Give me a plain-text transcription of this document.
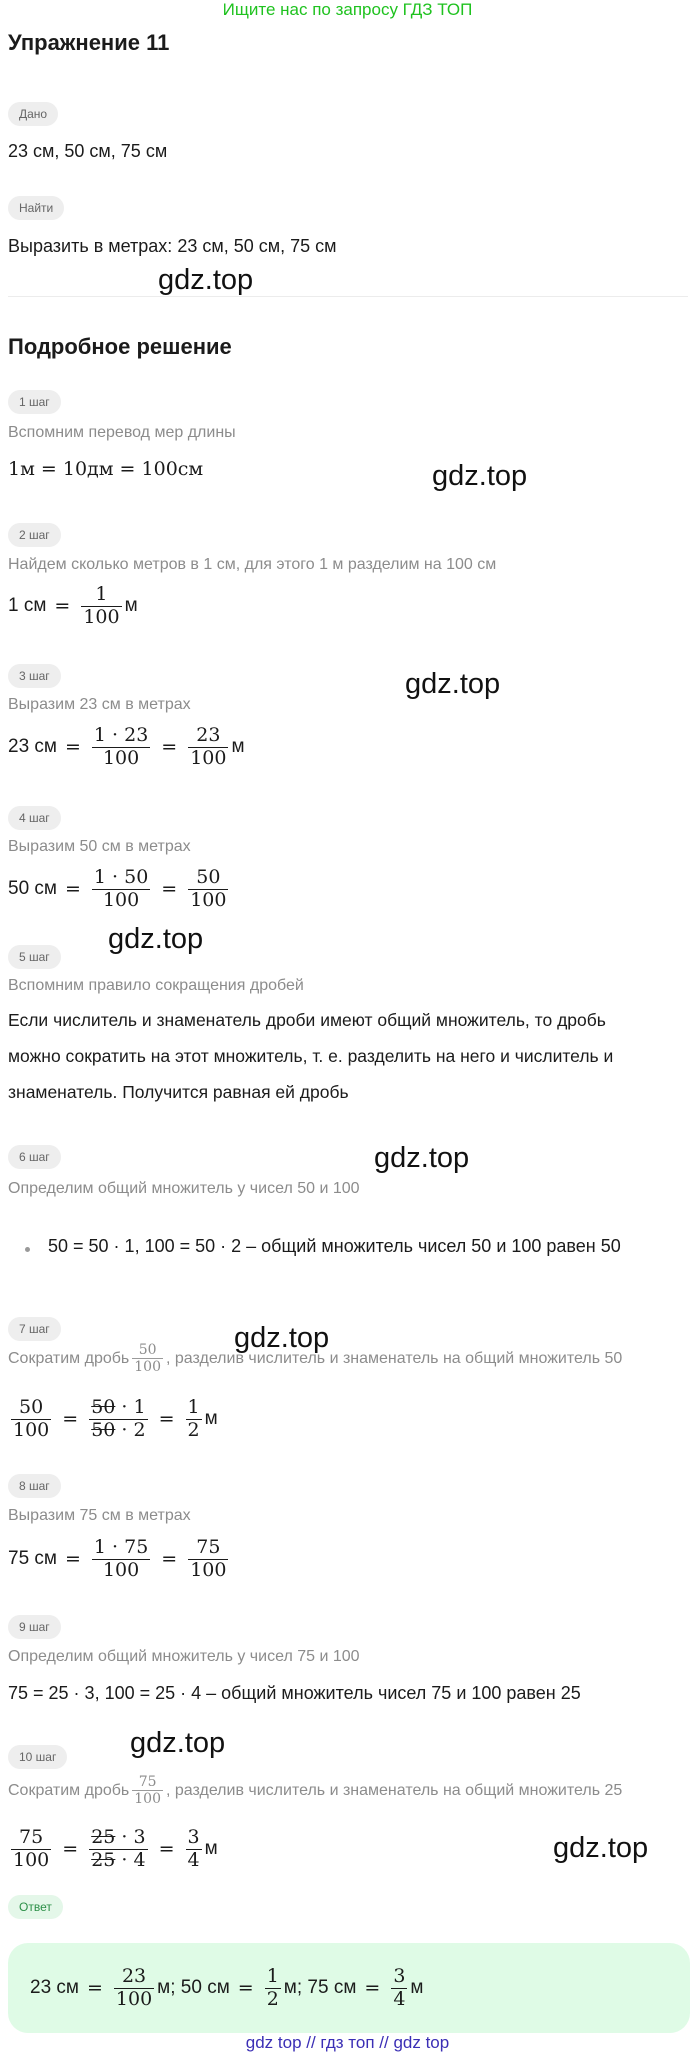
Ищите нас по запросу ГДЗ ТОП
Упражнение 11
Дано
23 см, 50 см, 75 см
Найти
Выразить в метрах: 23 см, 50 см, 75 см
gdz.top
Подробное решение
1 шаг
Вспомним перевод мер длины
1м = 10дм = 100см	gdz.top
2 шаг
Найдем сколько метров в 1 см, для этого 1 м разделим на 100 см
1 см = $\frac{1}{100}$ м
3 шаг	gdz.top
Выразим 23 см в метрах
23 см = $\frac{1 \cdot 23}{100} = \frac{23}{100}$ м
4 шаг
Выразим 50 см в метрах
50 см = $\frac{1 \cdot 50}{100} = \frac{50}{100}$
gdz.top
5 шаг
Вспомним правило сокращения дробей
Если числитель и знаменатель дроби имеют общий множитель, то дробь
можно сократить на этот множитель, т. е. разделить на него и числитель и
знаменатель. Получится равная ей дробь
gdz.top
6 шаг
Определим общий множитель у чисел 50 и 100
50 = 50 · 1, 100 = 50 · 2 – общий множитель чисел 50 и 100 равен 50
gdz.top
7 шаг
Сократим дробь $\frac{50}{100}$ , разделив числитель и знаменатель на общий множитель 50
$\frac{50}{100} = \frac{50 \cdot 1}{50 \cdot 2} = \frac{1}{2}$ м
8 шаг
Выразим 75 см в метрах
75 см = $\frac{1 \cdot 75}{100} = \frac{75}{100}$
9 шаг
Определим общий множитель у чисел 75 и 100
75 = 25 · 3, 100 = 25 · 4 – общий множитель чисел 75 и 100 равен 25
gdz.top
10 шаг
Сократим дробь $\frac{75}{100}$ , разделив числитель и знаменатель на общий множитель 25
$\frac{75}{100} = \frac{25 \cdot 3}{25 \cdot 4} = \frac{3}{4}$ м	gdz.top
Ответ
23 см = $\frac{23}{100} м$; 50 см = $\frac{1}{2} м$; 75 см = $\frac{3}{4}$ м
gdz top // гдз топ // gdz top
